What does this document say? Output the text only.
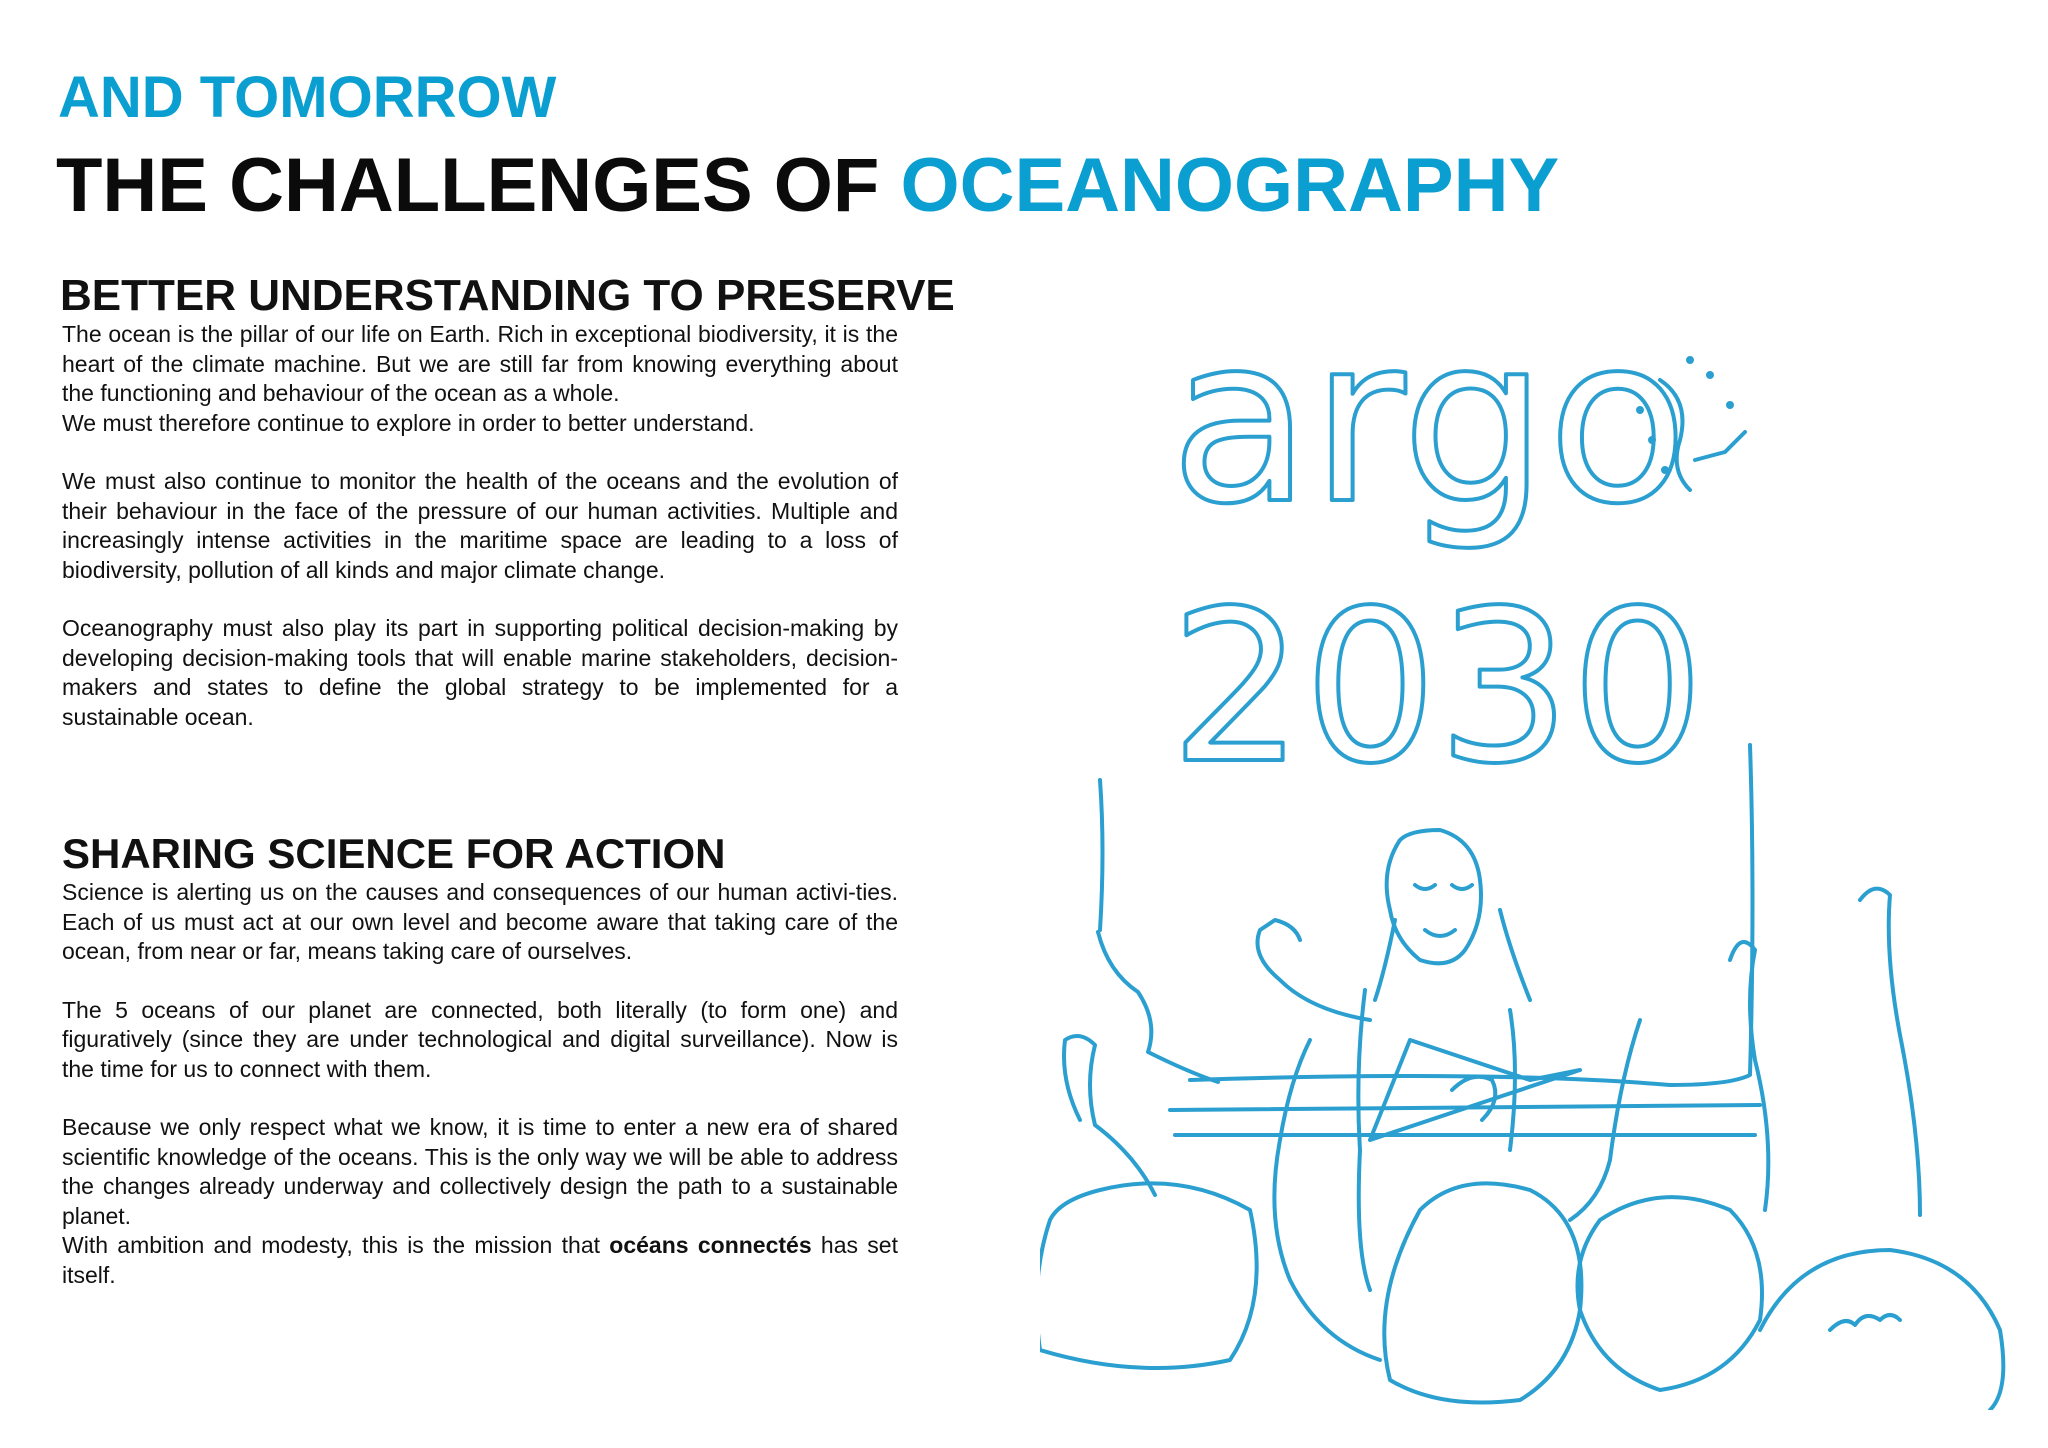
AND TOMORROW
THE CHALLENGES OF OCEANOGRAPHY
BETTER UNDERSTANDING TO PRESERVE

The ocean is the pillar of our life on Earth. Rich in exceptional biodiversity, it is the heart of the climate machine. But we are still far from knowing everything about the functioning and behaviour of the ocean as a whole.

We must therefore continue to explore in order to better understand.

We must also continue to monitor the health of the oceans and the evolution of their behaviour in the face of the pressure of our human activities. Multiple and increasingly intense activities in the maritime space are leading to a loss of biodiversity, pollution of all kinds and major climate change.

Oceanography must also play its part in supporting political decision-making by developing decision-making tools that will enable marine stakeholders, decision-makers and states to define the global strategy to be implemented for a sustainable ocean.

SHARING SCIENCE FOR ACTION

Science is alerting us on the causes and consequences of our human activi-ties. Each of us must act at our own level and become aware that taking care of the ocean, from near or far, means taking care of ourselves.

The 5 oceans of our planet are connected, both literally (to form one) and figuratively (since they are under technological and digital surveillance). Now is the time for us to connect with them.

Because we only respect what we know, it is time to enter a new era of shared scientific knowledge of the oceans. This is the only way we will be able to address the changes already underway and collectively design the path to a sustainable planet.

With ambition and modesty, this is the mission that océans connectés has set itself.

argo
2030
